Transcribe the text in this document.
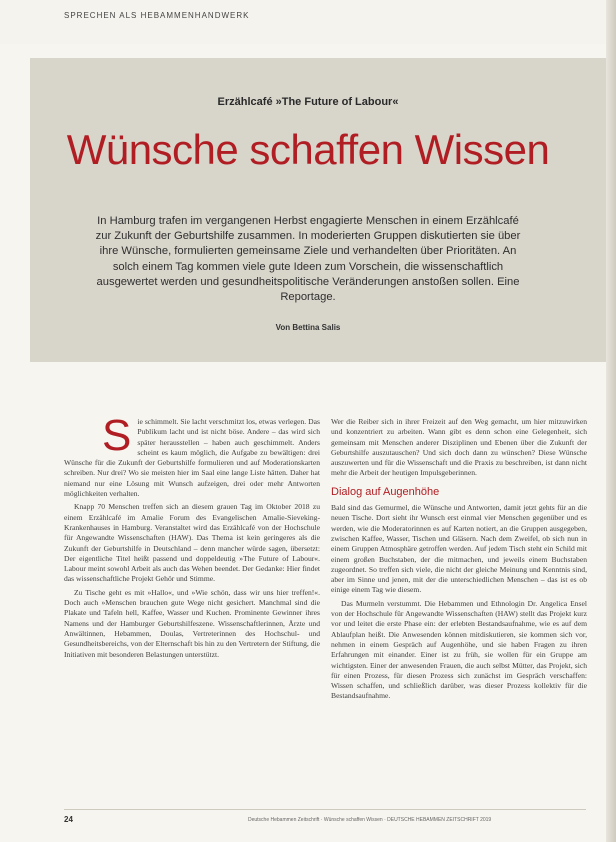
SPRECHEN ALS HEBAMMENHANDWERK
Erzählcafé »The Future of Labour«
Wünsche schaffen Wissen
In Hamburg trafen im vergangenen Herbst engagierte Menschen in einem Erzählcafé zur Zukunft der Geburtshilfe zusammen. In moderierten Gruppen diskutierten sie über ihre Wünsche, formulierten gemeinsame Ziele und verhandelten über Prioritäten. An solch einem Tag kommen viele gute Ideen zum Vorschein, die wissenschaftlich ausgewertet werden und gesundheitspolitische Veränderungen anstoßen sollen. Eine Reportage.
Von Bettina Salis
S ie schimmelt. Sie lacht verschmitzt los, etwas verlegen. Das Publikum lacht und ist nicht böse. Andere – das wird sich später herausstellen – haben auch geschimmelt. Anders scheint es kaum möglich, die Aufgabe zu bewältigen: drei Wünsche für die Zukunft der Geburtshilfe formulieren und auf Moderationskarten schreiben. Nur drei? Wo sie meisten hier im Saal eine lange Liste hätten. Daher hat niemand nur eine Lösung mit Wunsch aufzeigen, drei oder mehr Antworten möglichkeiten verhalten.

Knapp 70 Menschen treffen sich an diesem grauen Tag im Oktober 2018 zu einem Erzählcafé im Amalie Forum des Evangelischen Amalie-Sieveking-Krankenhauses in Hamburg. Veranstaltet wird das Erzählcafé von der Hochschule für Angewandte Wissenschaften (HAW). Das Thema ist kein geringeres als die Zukunft der Geburtshilfe in Deutschland – denn mancher würde sagen, übersetzt: Der eigentliche Titel heißt passend und doppeldeutig »The Future of Labour«. Labour meint sowohl Arbeit als auch das Wehen beendet. Der Gedanke: Hier findet das wissenschaftliche Projekt Gehör und Stimme.

Zu Tische geht es mit »Hallo«, und »Wie schön, dass wir uns hier treffen!«. Doch auch »Menschen brauchen gute Wege nicht gesichert. Manchmal sind die Plakate und Tafeln hell, Kaffee, Wasser und Kuchen. Prominente Gewinner ihres Namens und der Hamburger Geburtshilfeszene. Wissenschaftlerinnen, Ärzte und Anwältinnen, Hebammen, Doulas, Vertreterinnen des Hochschul- und Gesundheitsbereichs, von der Elternschaft bis hin zu den Vertretern der Stiftung, die Initiativen mit besonderen Belastungen unterstützt.

Wer die Reiber sich in ihrer Freizeit auf den Weg gemacht, um hier mitzuwirken und konzentriert zu arbeiten. Wann gibt es denn schon eine Gelegenheit, sich gemeinsam mit Menschen anderer Disziplinen und Ebenen über die Zukunft der Geburtshilfe auszutauschen? Und sich doch dann zu wünschen? Diese Wünsche auszuwerten und für die Wissenschaft und die Praxis zu beschreiben, ist dann nicht mehr die Arbeit der heutigen Impulsgeberinnen.

Dialog auf Augenhöhe

Bald sind das Gemurmel, die Wünsche und Antworten, damit jetzt gehts für an die neuen Tische. Dort sieht ihr Wunsch erst einmal vier Menschen gegenüber und es werden, wie die Moderatorinnen es auf Karten notiert, an die Gruppen ausgegeben, zwischen Kaffee, Wasser, Tischen und Gläsern. Nach dem Zweifel, ob sich nun in einem Gruppen Atmosphäre getroffen werden. Auf jedem Tisch steht ein Schild mit einem großen Buchstaben, der die mitmachen, und jeweils einem Buchstaben zugeordnet. So treffen sich viele, die nicht der gleiche Meinung und Kenntnis sind, aber im Sinne und jenen, mit der die unterschiedlichen Menschen – das ist es ob einige einem Tag wie diesem.

Das Murmeln verstummt. Die Hebammen und Ethnologin Dr. Angelica Ensel von der Hochschule für Angewandte Wissenschaften (HAW) stellt das Projekt kurz vor und leitet die erste Phase ein: der erlebten Bestandsaufnahme, wie es auf dem Ablaufplan heißt. Die Anwesenden können mitdiskutieren, sie kommen sich vor, nehmen in einem Gespräch auf Augenhöhe, und sie haben Fragen zu ihren Erfahrungen mit einander. Einer ist zu früh, sie wollen für ein Gruppe am wichtigsten. Einer der anwesenden Frauen, die auch selbst Mütter, das Projekt, sich für einen Prozess, für diesen Prozess sich zunächst im Gespräch verschaffen: Wissen schaffen, und schließlich darüber, was dieser Prozess kollektiv für die Bestandsaufnahme.

24	Deutsche Hebammen Zeitschrift · Wünsche schaffen Wissen · DEUTSCHE HEBAMMEN ZEITSCHRIFT 2019
